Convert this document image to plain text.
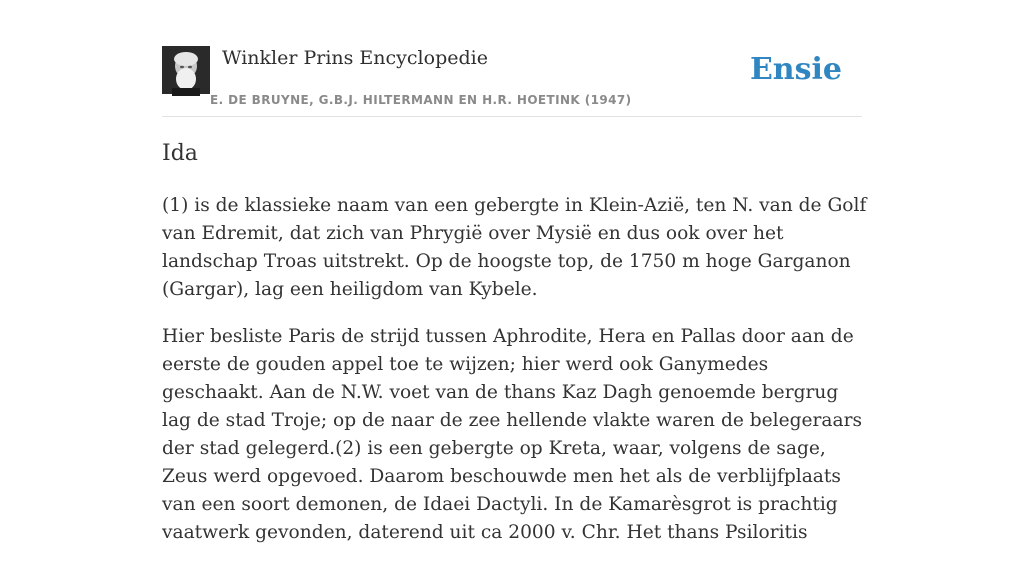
Winkler Prins Encyclopedie
E. DE BRUYNE, G.B.J. HILTERMANN EN H.R. HOETINK (1947)
Ensie
Ida

(1) is de klassieke naam van een gebergte in Klein-Azië, ten N. van de Golf van Edremit, dat zich van Phrygië over Mysië en dus ook over het landschap Troas uitstrekt. Op de hoogste top, de 1750 m hoge Garganon (Gargar), lag een heiligdom van Kybele.

Hier besliste Paris de strijd tussen Aphrodite, Hera en Pallas door aan de eerste de gouden appel toe te wijzen; hier werd ook Ganymedes geschaakt. Aan de N.W. voet van de thans Kaz Dagh genoemde bergrug lag de stad Troje; op de naar de zee hellende vlakte waren de belegeraars der stad gelegerd.(2) is een gebergte op Kreta, waar, volgens de sage, Zeus werd opgevoed. Daarom beschouwde men het als de verblijfplaats van een soort demonen, de Idaei Dactyli. In de Kamarèsgrot is prachtig vaatwerk gevonden, daterend uit ca 2000 v. Chr. Het thans Psiloritis
